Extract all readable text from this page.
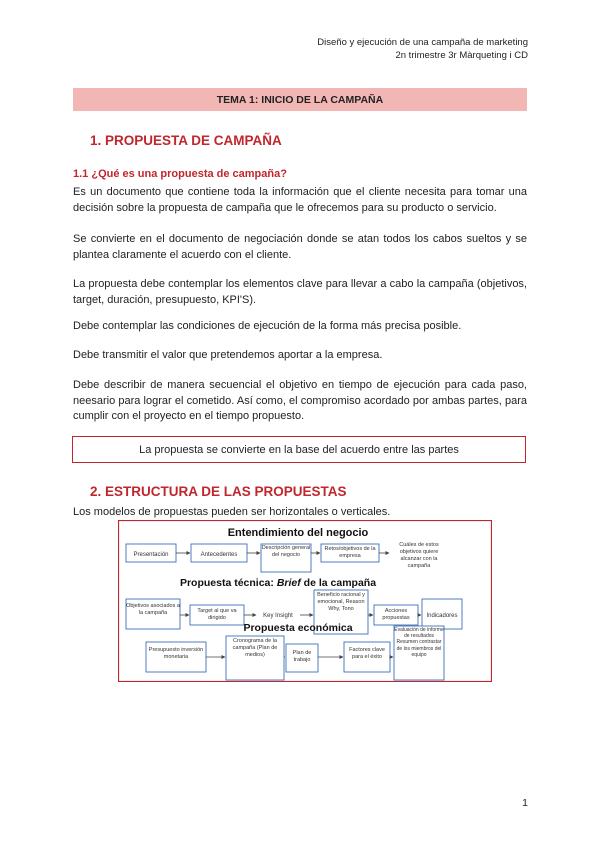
Diseño y ejecución de una campaña de marketing
2n trimestre 3r Màrqueting i CD
TEMA 1: INICIO DE LA CAMPAÑA
1. PROPUESTA DE CAMPAÑA
1.1 ¿Qué es una propuesta de campaña?
Es un documento que contiene toda la información que el cliente necesita para tomar una decisión sobre la propuesta de campaña que le ofrecemos para su producto o servicio.
Se convierte en el documento de negociación donde se atan todos los cabos sueltos y se plantea claramente el acuerdo con el cliente.
La propuesta debe contemplar los elementos clave para llevar a cabo la campaña (objetivos, target, duración, presupuesto, KPI'S).
Debe contemplar las condiciones de ejecución de la forma más precisa posible.
Debe transmitir el valor que pretendemos aportar a la empresa.
Debe describir de manera secuencial el objetivo en tiempo de ejecución para cada paso, neesario para lograr el cometido. Así como, el compromiso acordado por ambas partes, para cumplir con el proyecto en el tiempo propuesto.
La propuesta se convierte en la base del acuerdo entre las partes
2. ESTRUCTURA DE LAS PROPUESTAS
Los modelos de propuestas pueden ser horizontales o verticales.
Entendimiento del negocio
Presentación	Antecedentes
Descripción general del negocio
Retos/objetivos de la empresa
Cuáles de estos objetivos quiere alcanzar con la campaña
Propuesta técnica: Brief de la campaña
Objetivos asociados a la campaña	Target al que va dirigido	Key Insight
Beneficio racional y emocional, Reason Why, Tono	Acciones propuestas	Indicadores
Propuesta económica
Presupuesto inversión monetaria
Cronograma de la campaña (Plan de medios)	Plan de trabajo
Factores clave para el éxito
Evaluación de informe de resultados Resumen contrastar de los miembros del equipo
1
